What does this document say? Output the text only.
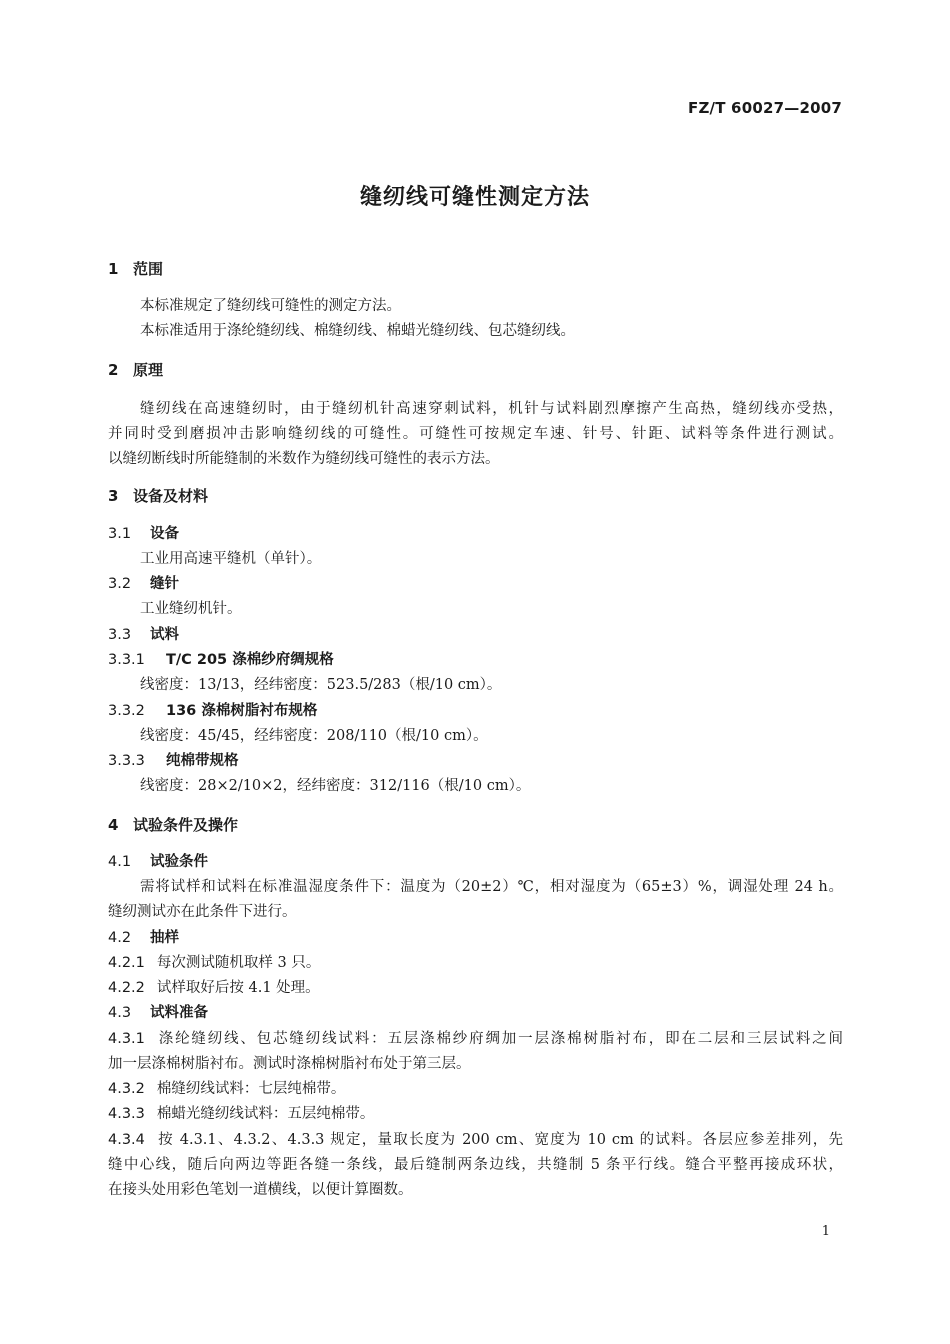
FZ/T 60027—2007
缝纫线可缝性测定方法
1 范围

本标准规定了缝纫线可缝性的测定方法。

本标准适用于涤纶缝纫线、棉缝纫线、棉蜡光缝纫线、包芯缝纫线。

2 原理

缝纫线在高速缝纫时，由于缝纫机针高速穿刺试料，机针与试料剧烈摩擦产生高热，缝纫线亦受热，

并同时受到磨损冲击影响缝纫线的可缝性。可缝性可按规定车速、针号、针距、试料等条件进行测试。

以缝纫断线时所能缝制的米数作为缝纫线可缝性的表示方法。

3 设备及材料
3.1 设备

工业用高速平缝机（单针）。

3.2 缝针

工业缝纫机针。

3.3 试料
3.3.1 T/C 205 涤棉纱府绸规格

线密度：13/13，经纬密度：523.5/283（根/10 cm）。

3.3.2 136 涤棉树脂衬布规格

线密度：45/45，经纬密度：208/110（根/10 cm）。

3.3.3 纯棉带规格

线密度：28×2/10×2，经纬密度：312/116（根/10 cm）。

4 试验条件及操作
4.1 试验条件

需将试样和试料在标准温湿度条件下：温度为（20±2）℃，相对湿度为（65±3）%，调湿处理 24 h。

缝纫测试亦在此条件下进行。

4.2 抽样

4.2.1 每次测试随机取样 3 只。

4.2.2 试样取好后按 4.1 处理。

4.3 试料准备

4.3.1 涤纶缝纫线、包芯缝纫线试料：五层涤棉纱府绸加一层涤棉树脂衬布，即在二层和三层试料之间

加一层涤棉树脂衬布。测试时涤棉树脂衬布处于第三层。

4.3.2 棉缝纫线试料：七层纯棉带。

4.3.3 棉蜡光缝纫线试料：五层纯棉带。

4.3.4 按 4.3.1、4.3.2、4.3.3 规定，量取长度为 200 cm、宽度为 10 cm 的试料。各层应参差排列，先

缝中心线，随后向两边等距各缝一条线，最后缝制两条边线，共缝制 5 条平行线。缝合平整再接成环状，

在接头处用彩色笔划一道横线，以便计算圈数。

1
